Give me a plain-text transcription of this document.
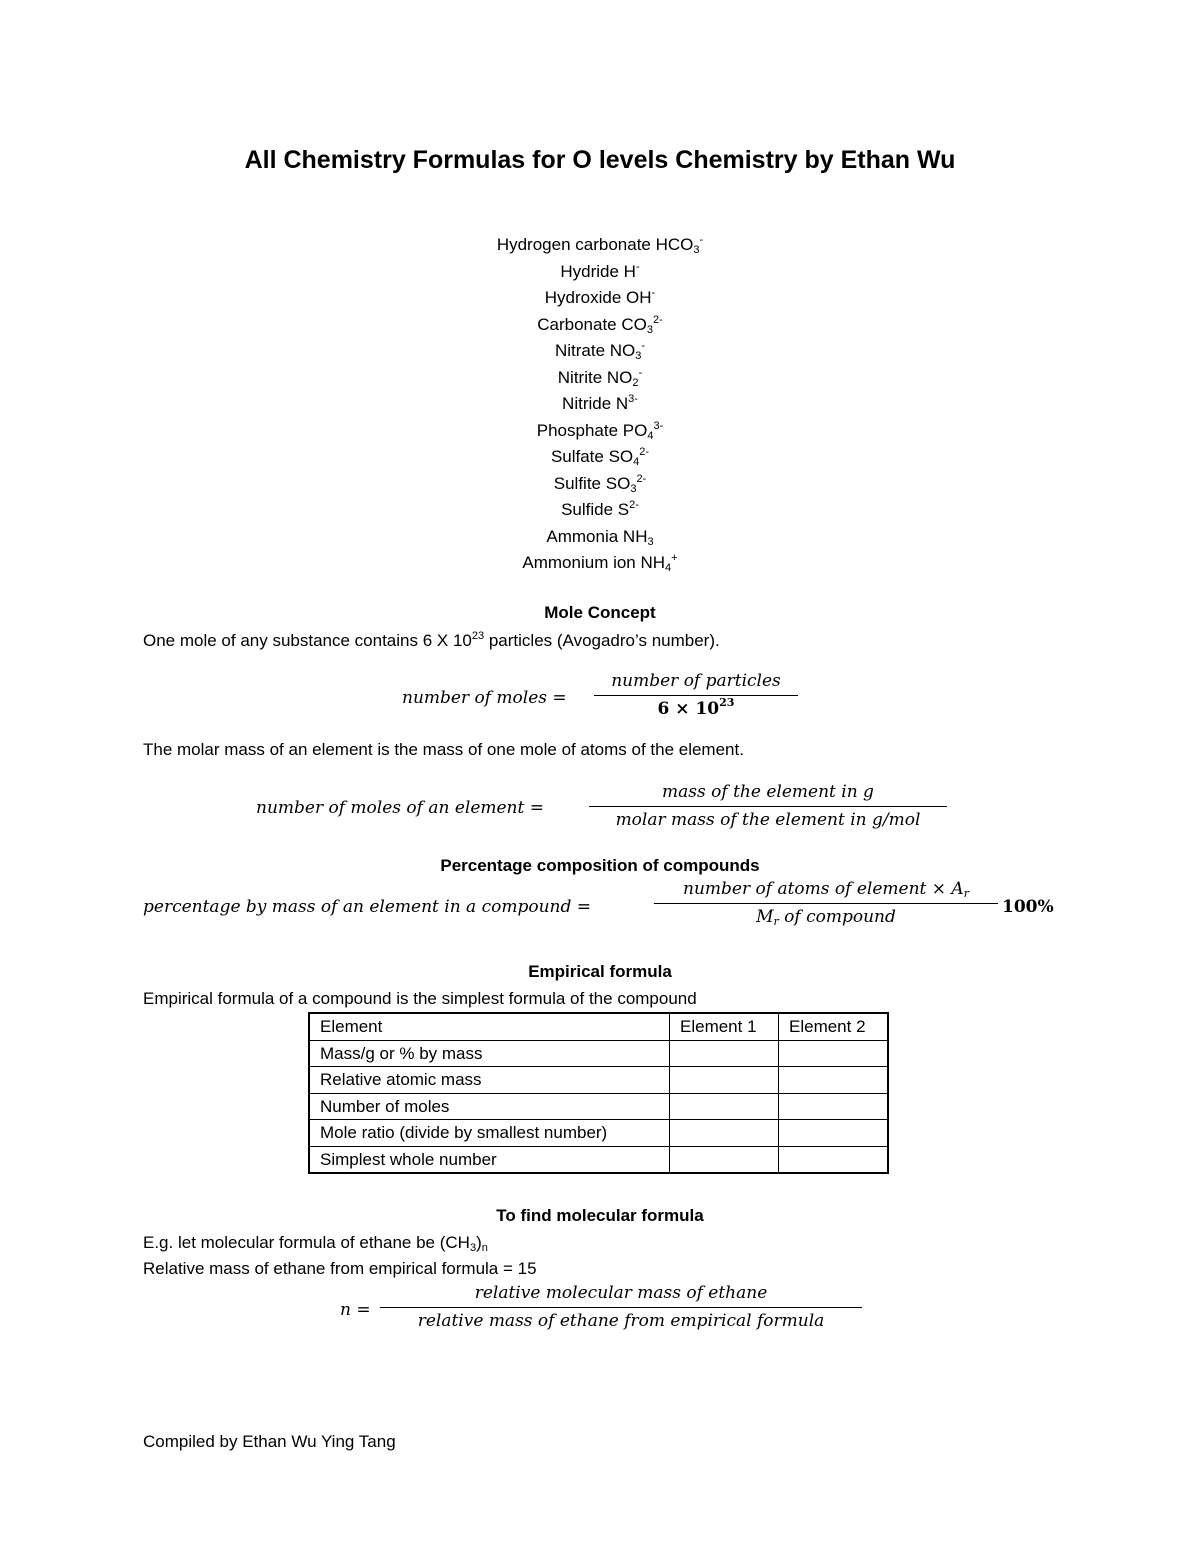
All Chemistry Formulas for O levels Chemistry by Ethan Wu
Hydrogen carbonate $HCO_3^-$
Hydride H-
Hydroxide OH-
Carbonate $CO_3^{2-}$
Nitrate $NO_3^-$
Nitrite $NO_2^-$
Nitride $N^{3-}$
Phosphate $PO_4^{3-}$
Sulfate $SO_4^{2-}$
Sulfite $SO_3^{2-}$
Sulfide $S^{2-}$
Ammonia $NH_3$
Ammonium ion $NH_4^+$
Mole Concept
One mole of any substance contains 6 X $10^{23}$ particles (Avogadro’s number).
number of moles =
number of particles
$6 \times 10^{23}$
The molar mass of an element is the mass of one mole of atoms of the element.
number of moles of an element =
mass of the element in g
molar mass of the element in g/mol
Percentage composition of compounds
percentage by mass of an element in a compound =
number of atoms of element × $A_r$
$M_r$ of compound	100%
Empirical formula
Empirical formula of a compound is the simplest formula of the compound
Element	Element 1	Element 2
Mass/g or % by mass		
Relative atomic mass		
Number of moles		
Mole ratio (divide by smallest number)		
Simplest whole number		
To find molecular formula
E.g. let molecular formula of ethane be $(CH_3)_n$
Relative mass of ethane from empirical formula = 15
n =
relative molecular mass of ethane
relative mass of ethane from empirical formula
Compiled by Ethan Wu Ying Tang
